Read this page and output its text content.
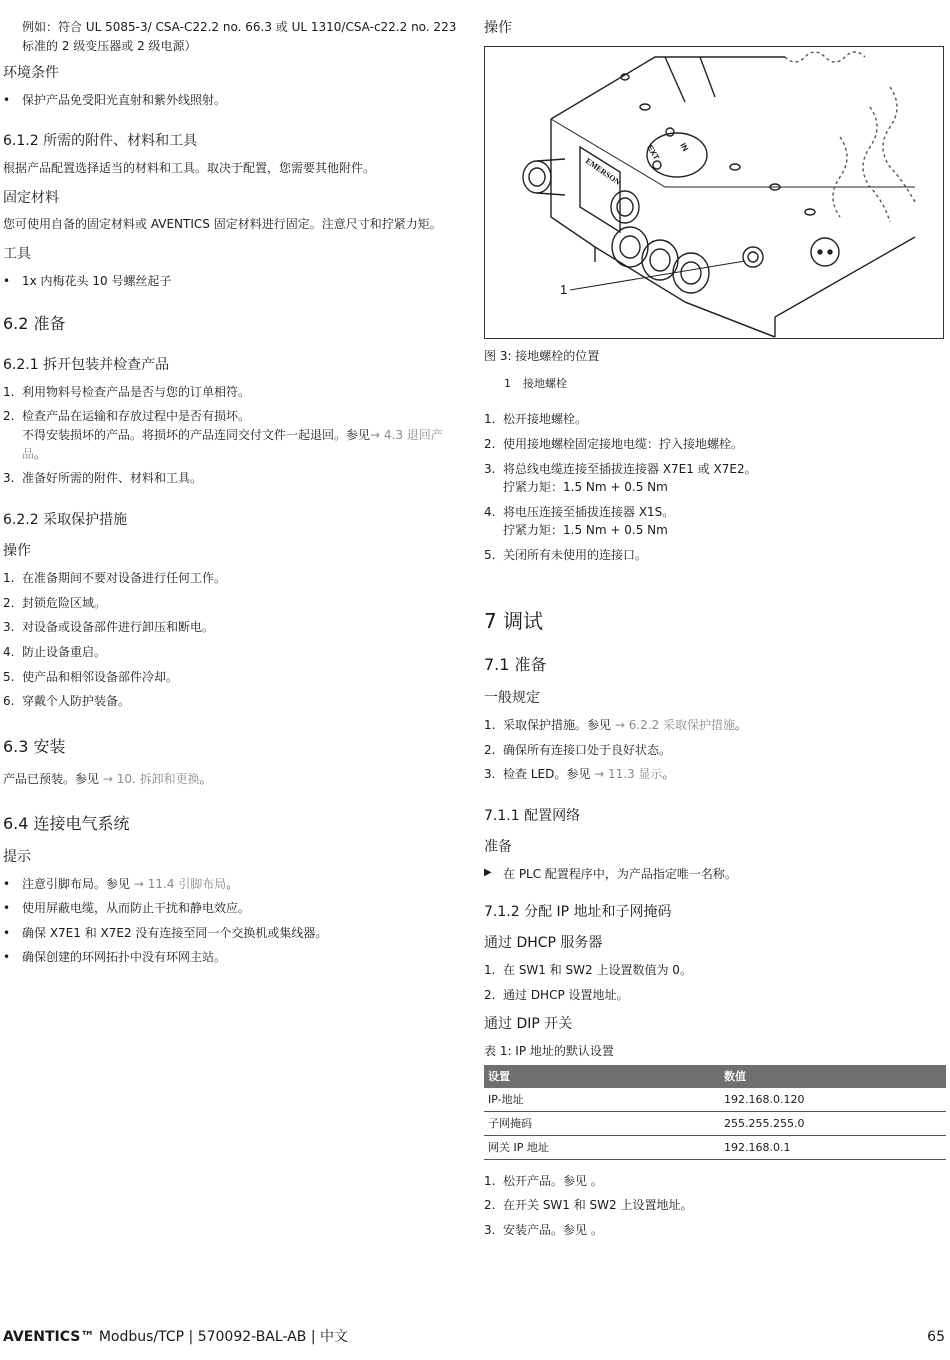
例如：符合 UL 5085-3/ CSA-C22.2 no. 66.3 或 UL 1310/CSA-c22.2 no. 223
标准的 2 级变压器或 2 级电源）

环境条件
• 保护产品免受阳光直射和紫外线照射。
6.1.2 所需的附件、材料和工具

根据产品配置选择适当的材料和工具。取决于配置，您需要其他附件。

固定材料

您可使用自备的固定材料或 AVENTICS 固定材料进行固定。注意尺寸和拧紧力矩。

工具
• 1x 内梅花头 10 号螺丝起子
6.2 准备
6.2.1 拆开包装并检查产品
1. 利用物料号检查产品是否与您的订单相符。
2. 检查产品在运输和存放过程中是否有损坏。
不得安装损坏的产品。将损坏的产品连同交付文件一起退回。参见→ 4.3 退回产品。
3. 准备好所需的附件、材料和工具。
6.2.2 采取保护措施
操作
1. 在准备期间不要对设备进行任何工作。
2. 封锁危险区域。
3. 对设备或设备部件进行卸压和断电。
4. 防止设备重启。
5. 使产品和相邻设备部件冷却。
6. 穿戴个人防护装备。
6.3 安装

产品已预装。参见 → 10. 拆卸和更换。

6.4 连接电气系统
提示
• 注意引脚布局。参见 → 11.4 引脚布局。
• 使用屏蔽电缆，从而防止干扰和静电效应。
• 确保 X7E1 和 X7E2 没有连接至同一个交换机或集线器。
• 确保创建的环网拓扑中没有环网主站。
操作
1
IN
EXT
EMERSON

图 3: 接地螺栓的位置

1 接地螺栓

1. 松开接地螺栓。
2. 使用接地螺栓固定接地电缆：拧入接地螺栓。
3. 将总线电缆连接至插拔连接器 X7E1 或 X7E2。
拧紧力矩：1.5 Nm + 0.5 Nm
4. 将电压连接至插拔连接器 X1S。
拧紧力矩：1.5 Nm + 0.5 Nm
5. 关闭所有未使用的连接口。
7 调试
7.1 准备
一般规定
1. 采取保护措施。参见 → 6.2.2 采取保护措施。
2. 确保所有连接口处于良好状态。
3. 检查 LED。参见 → 11.3 显示。
7.1.1 配置网络
准备
▶ 在 PLC 配置程序中，为产品指定唯一名称。
7.1.2 分配 IP 地址和子网掩码
通过 DHCP 服务器
1. 在 SW1 和 SW2 上设置数值为 0。
2. 通过 DHCP 设置地址。
通过 DIP 开关

表 1: IP 地址的默认设置

设置	数值
IP-地址	192.168.0.120
子网掩码	255.255.255.0
网关 IP 地址	192.168.0.1
1. 松开产品。参见 。
2. 在开关 SW1 和 SW2 上设置地址。
3. 安装产品。参见 。
AVENTICS™ Modbus/TCP | 570092-BAL-AB | 中文	65
